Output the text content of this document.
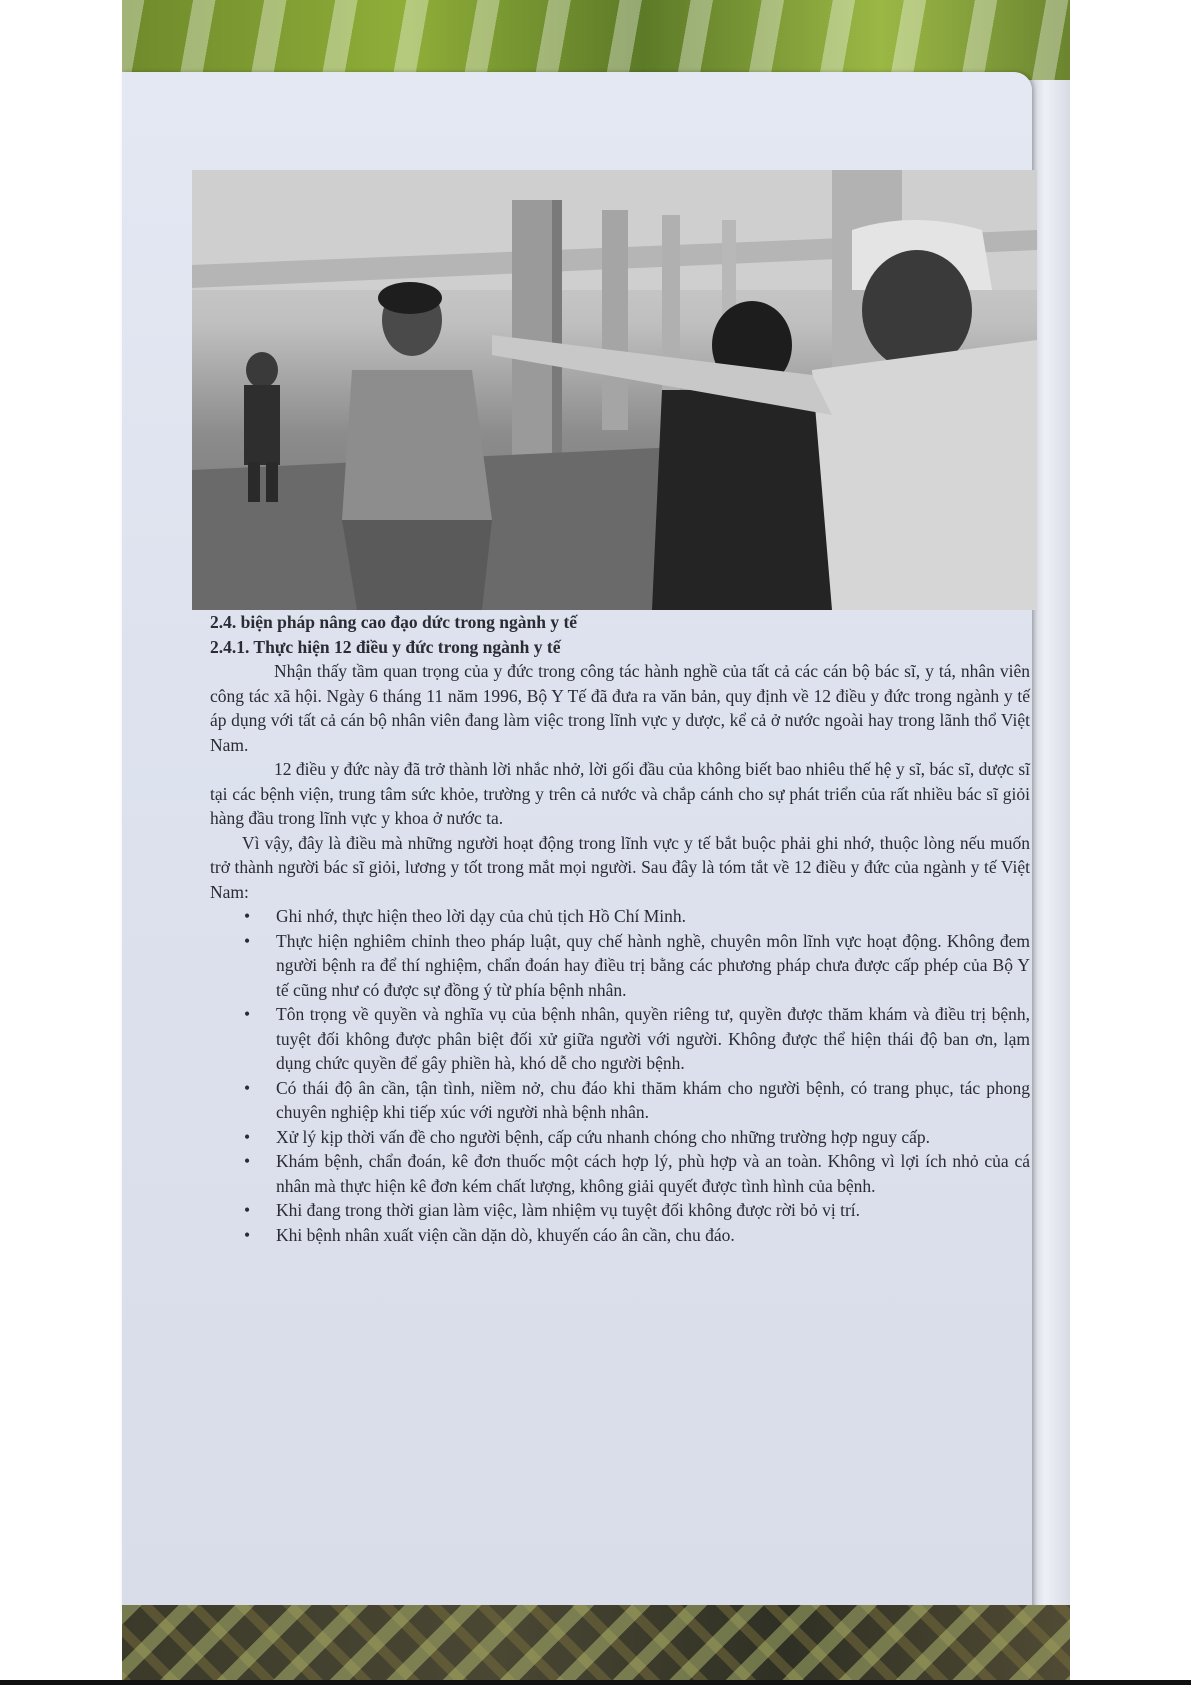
2.4. biện pháp nâng cao đạo dức trong ngành y tế

2.4.1. Thực hiện 12 điều y đức trong ngành y tế

Nhận thấy tầm quan trọng của y đức trong công tác hành nghề của tất cả các cán bộ bác sĩ, y tá, nhân viên công tác xã hội. Ngày 6 tháng 11 năm 1996, Bộ Y Tế đã đưa ra văn bản, quy định về 12 điều y đức trong ngành y tế áp dụng với tất cả cán bộ nhân viên đang làm việc trong lĩnh vực y dược, kể cả ở nước ngoài hay trong lãnh thổ Việt Nam.

12 điều y đức này đã trở thành lời nhắc nhở, lời gối đầu của không biết bao nhiêu thế hệ y sĩ, bác sĩ, dược sĩ tại các bệnh viện, trung tâm sức khỏe, trường y trên cả nước và chắp cánh cho sự phát triển của rất nhiều bác sĩ giỏi hàng đầu trong lĩnh vực y khoa ở nước ta.

Vì vậy, đây là điều mà những người hoạt động trong lĩnh vực y tế bắt buộc phải ghi nhớ, thuộc lòng nếu muốn trở thành người bác sĩ giỏi, lương y tốt trong mắt mọi người. Sau đây là tóm tắt về 12 điều y đức của ngành y tế Việt Nam:

• Ghi nhớ, thực hiện theo lời dạy của chủ tịch Hồ Chí Minh.
• Thực hiện nghiêm chỉnh theo pháp luật, quy chế hành nghề, chuyên môn lĩnh vực hoạt động. Không đem người bệnh ra để thí nghiệm, chẩn đoán hay điều trị bằng các phương pháp chưa được cấp phép của Bộ Y tế cũng như có được sự đồng ý từ phía bệnh nhân.
• Tôn trọng về quyền và nghĩa vụ của bệnh nhân, quyền riêng tư, quyền được thăm khám và điều trị bệnh, tuyệt đối không được phân biệt đối xử giữa người với người. Không được thể hiện thái độ ban ơn, lạm dụng chức quyền để gây phiền hà, khó dễ cho người bệnh.
• Có thái độ ân cần, tận tình, niềm nở, chu đáo khi thăm khám cho người bệnh, có trang phục, tác phong chuyên nghiệp khi tiếp xúc với người nhà bệnh nhân.
• Xử lý kịp thời vấn đề cho người bệnh, cấp cứu nhanh chóng cho những trường hợp nguy cấp.
• Khám bệnh, chẩn đoán, kê đơn thuốc một cách hợp lý, phù hợp và an toàn. Không vì lợi ích nhỏ của cá nhân mà thực hiện kê đơn kém chất lượng, không giải quyết được tình hình của bệnh.
• Khi đang trong thời gian làm việc, làm nhiệm vụ tuyệt đối không được rời bỏ vị trí.
• Khi bệnh nhân xuất viện cần dặn dò, khuyến cáo ân cần, chu đáo.
